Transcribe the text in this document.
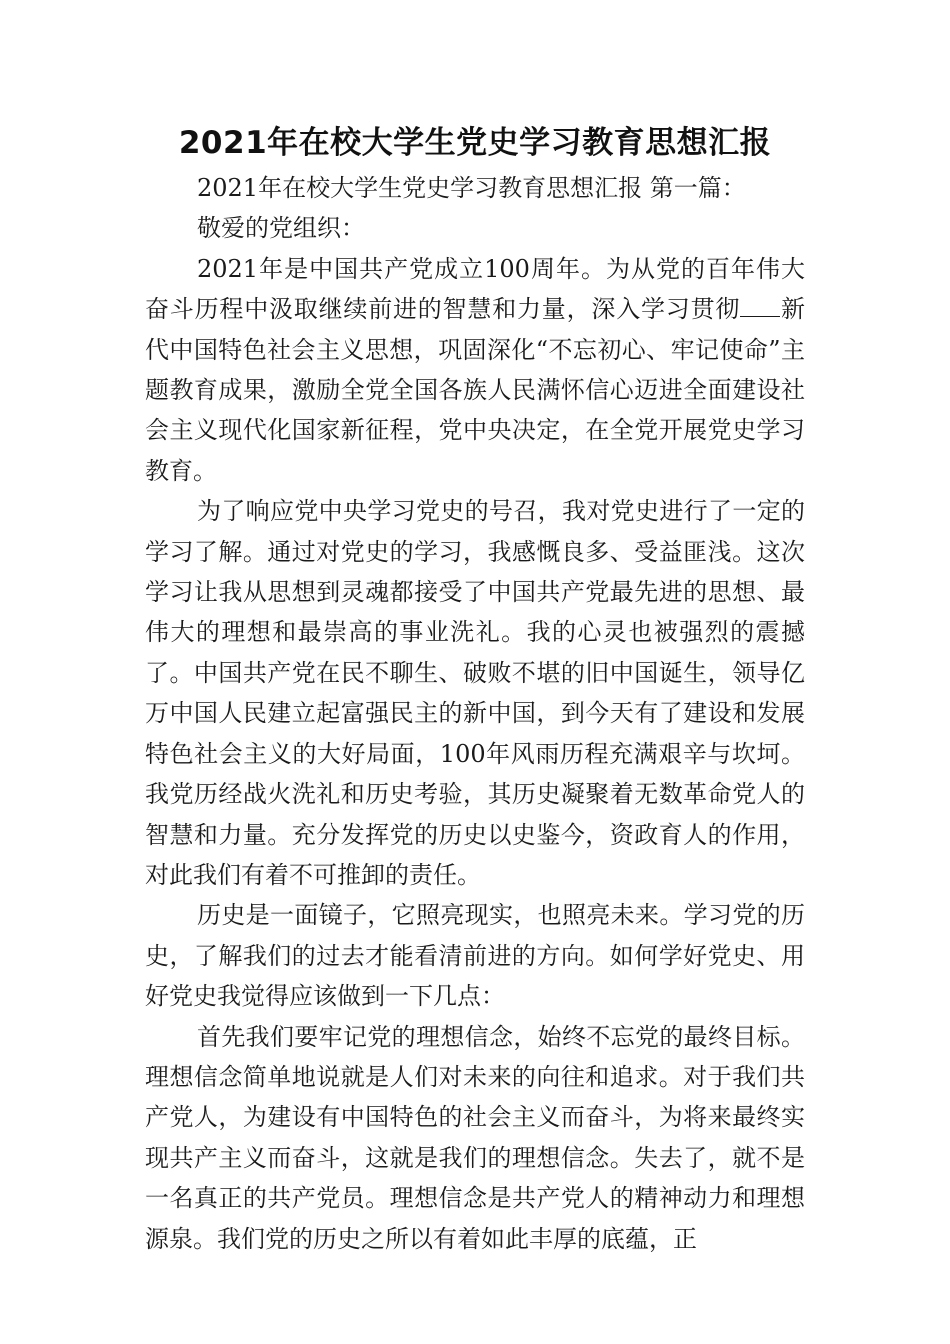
2021年在校大学生党史学习教育思想汇报

2021年在校大学生党史学习教育思想汇报 第一篇：

敬爱的党组织：

2021年是中国共产党成立100周年。为从党的百年伟大奋斗历程中汲取继续前进的智慧和力量，深入学习贯彻 新代中国特色社会主义思想，巩固深化“不忘初心、牢记使命”主题教育成果，激励全党全国各族人民满怀信心迈进全面建设社会主义现代化国家新征程，党中央决定，在全党开展党史学习教育。

为了响应党中央学习党史的号召，我对党史进行了一定的学习了解。通过对党史的学习，我感慨良多、受益匪浅。这次学习让我从思想到灵魂都接受了中国共产党最先进的思想、最伟大的理想和最崇高的事业洗礼。我的心灵也被强烈的震撼了。中国共产党在民不聊生、破败不堪的旧中国诞生，领导亿万中国人民建立起富强民主的新中国，到今天有了建设和发展特色社会主义的大好局面，100年风雨历程充满艰辛与坎坷。我党历经战火洗礼和历史考验，其历史凝聚着无数革命党人的智慧和力量。充分发挥党的历史以史鉴今，资政育人的作用，对此我们有着不可推卸的责任。

历史是一面镜子，它照亮现实，也照亮未来。学习党的历史，了解我们的过去才能看清前进的方向。如何学好党史、用好党史我觉得应该做到一下几点：

首先我们要牢记党的理想信念，始终不忘党的最终目标。理想信念简单地说就是人们对未来的向往和追求。对于我们共产党人，为建设有中国特色的社会主义而奋斗，为将来最终实现共产主义而奋斗，这就是我们的理想信念。失去了，就不是一名真正的共产党员。理想信念是共产党人的精神动力和理想源泉。我们党的历史之所以有着如此丰厚的底蕴，正
